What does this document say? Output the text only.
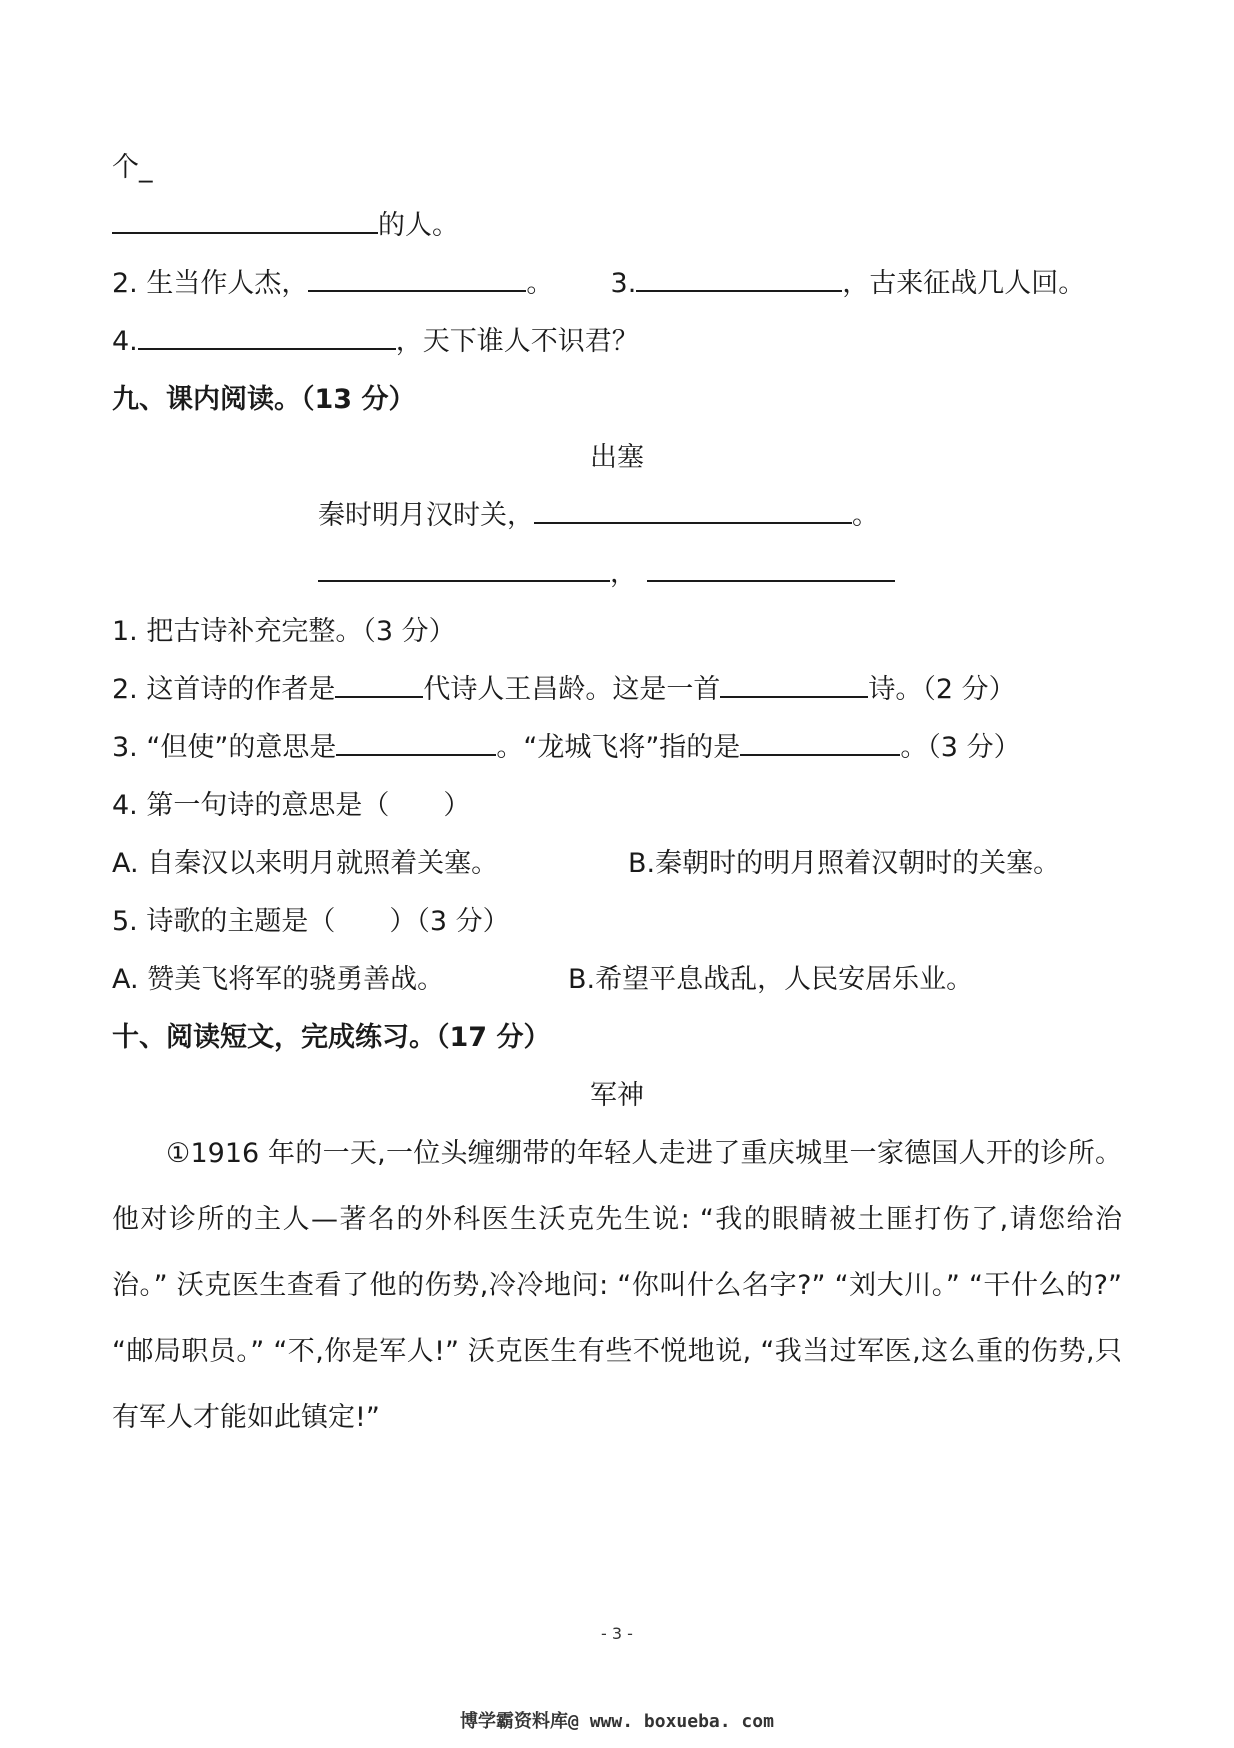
个_
的人。
2. 生当作人杰，	。 3.	，古来征战几人回。
4.	，天下谁人不识君？
九、课内阅读。（13 分）
出塞
秦时明月汉时关，	。
，
1. 把古诗补充完整。（3 分）
2. 这首诗的作者是	代诗人王昌龄。这是一首	诗。（2 分）
3. “但使”的意思是	。“龙城飞将”指的是	。（3 分）
4. 第一句诗的意思是（　　）
A. 自秦汉以来明月就照着关塞。	B.秦朝时的明月照着汉朝时的关塞。
5. 诗歌的主题是（　　）（3 分）
A. 赞美飞将军的骁勇善战。	B.希望平息战乱，人民安居乐业。
十、阅读短文，完成练习。（17 分）
军神
①1916 年的一天,一位头缠绷带的年轻人走进了重庆城里一家德国人开的诊所。他对诊所的主人—著名的外科医生沃克先生说: “我的眼睛被土匪打伤了,请您给治治。” 沃克医生查看了他的伤势,冷冷地问: “你叫什么名字?” “刘大川。” “干什么的?” “邮局职员。” “不,你是军人!” 沃克医生有些不悦地说, “我当过军医,这么重的伤势,只有军人才能如此镇定!”
- 3 -
博学霸资料库@ www. boxueba. com
